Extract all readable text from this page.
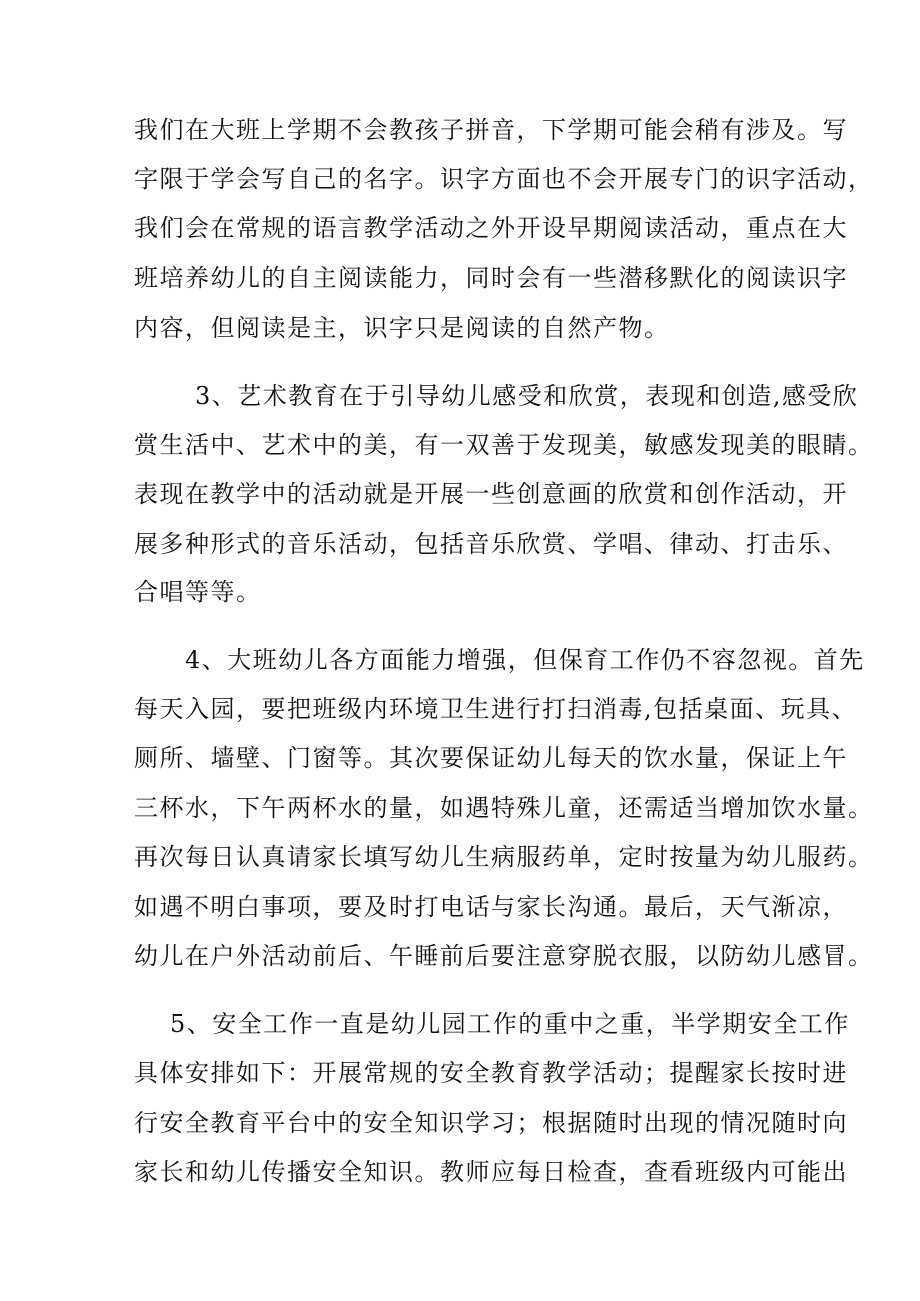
我们在大班上学期不会教孩子拼音，下学期可能会稍有涉及。写
字限于学会写自己的名字。识字方面也不会开展专门的识字活动，
我们会在常规的语言教学活动之外开设早期阅读活动，重点在大
班培养幼儿的自主阅读能力，同时会有一些潜移默化的阅读识字
内容，但阅读是主，识字只是阅读的自然产物。
3、艺术教育在于引导幼儿感受和欣赏，表现和创造,感受欣
赏生活中、艺术中的美，有一双善于发现美，敏感发现美的眼睛。
表现在教学中的活动就是开展一些创意画的欣赏和创作活动，开
展多种形式的音乐活动，包括音乐欣赏、学唱、律动、打击乐、
合唱等等。
4、大班幼儿各方面能力增强，但保育工作仍不容忽视。首先
每天入园，要把班级内环境卫生进行打扫消毒,包括桌面、玩具、
厕所、墙壁、门窗等。其次要保证幼儿每天的饮水量，保证上午
三杯水，下午两杯水的量，如遇特殊儿童，还需适当增加饮水量。
再次每日认真请家长填写幼儿生病服药单，定时按量为幼儿服药。
如遇不明白事项，要及时打电话与家长沟通。最后，天气渐凉，
幼儿在户外活动前后、午睡前后要注意穿脱衣服，以防幼儿感冒。
5、安全工作一直是幼儿园工作的重中之重，半学期安全工作
具体安排如下：开展常规的安全教育教学活动；提醒家长按时进
行安全教育平台中的安全知识学习；根据随时出现的情况随时向
家长和幼儿传播安全知识。教师应每日检查，查看班级内可能出
